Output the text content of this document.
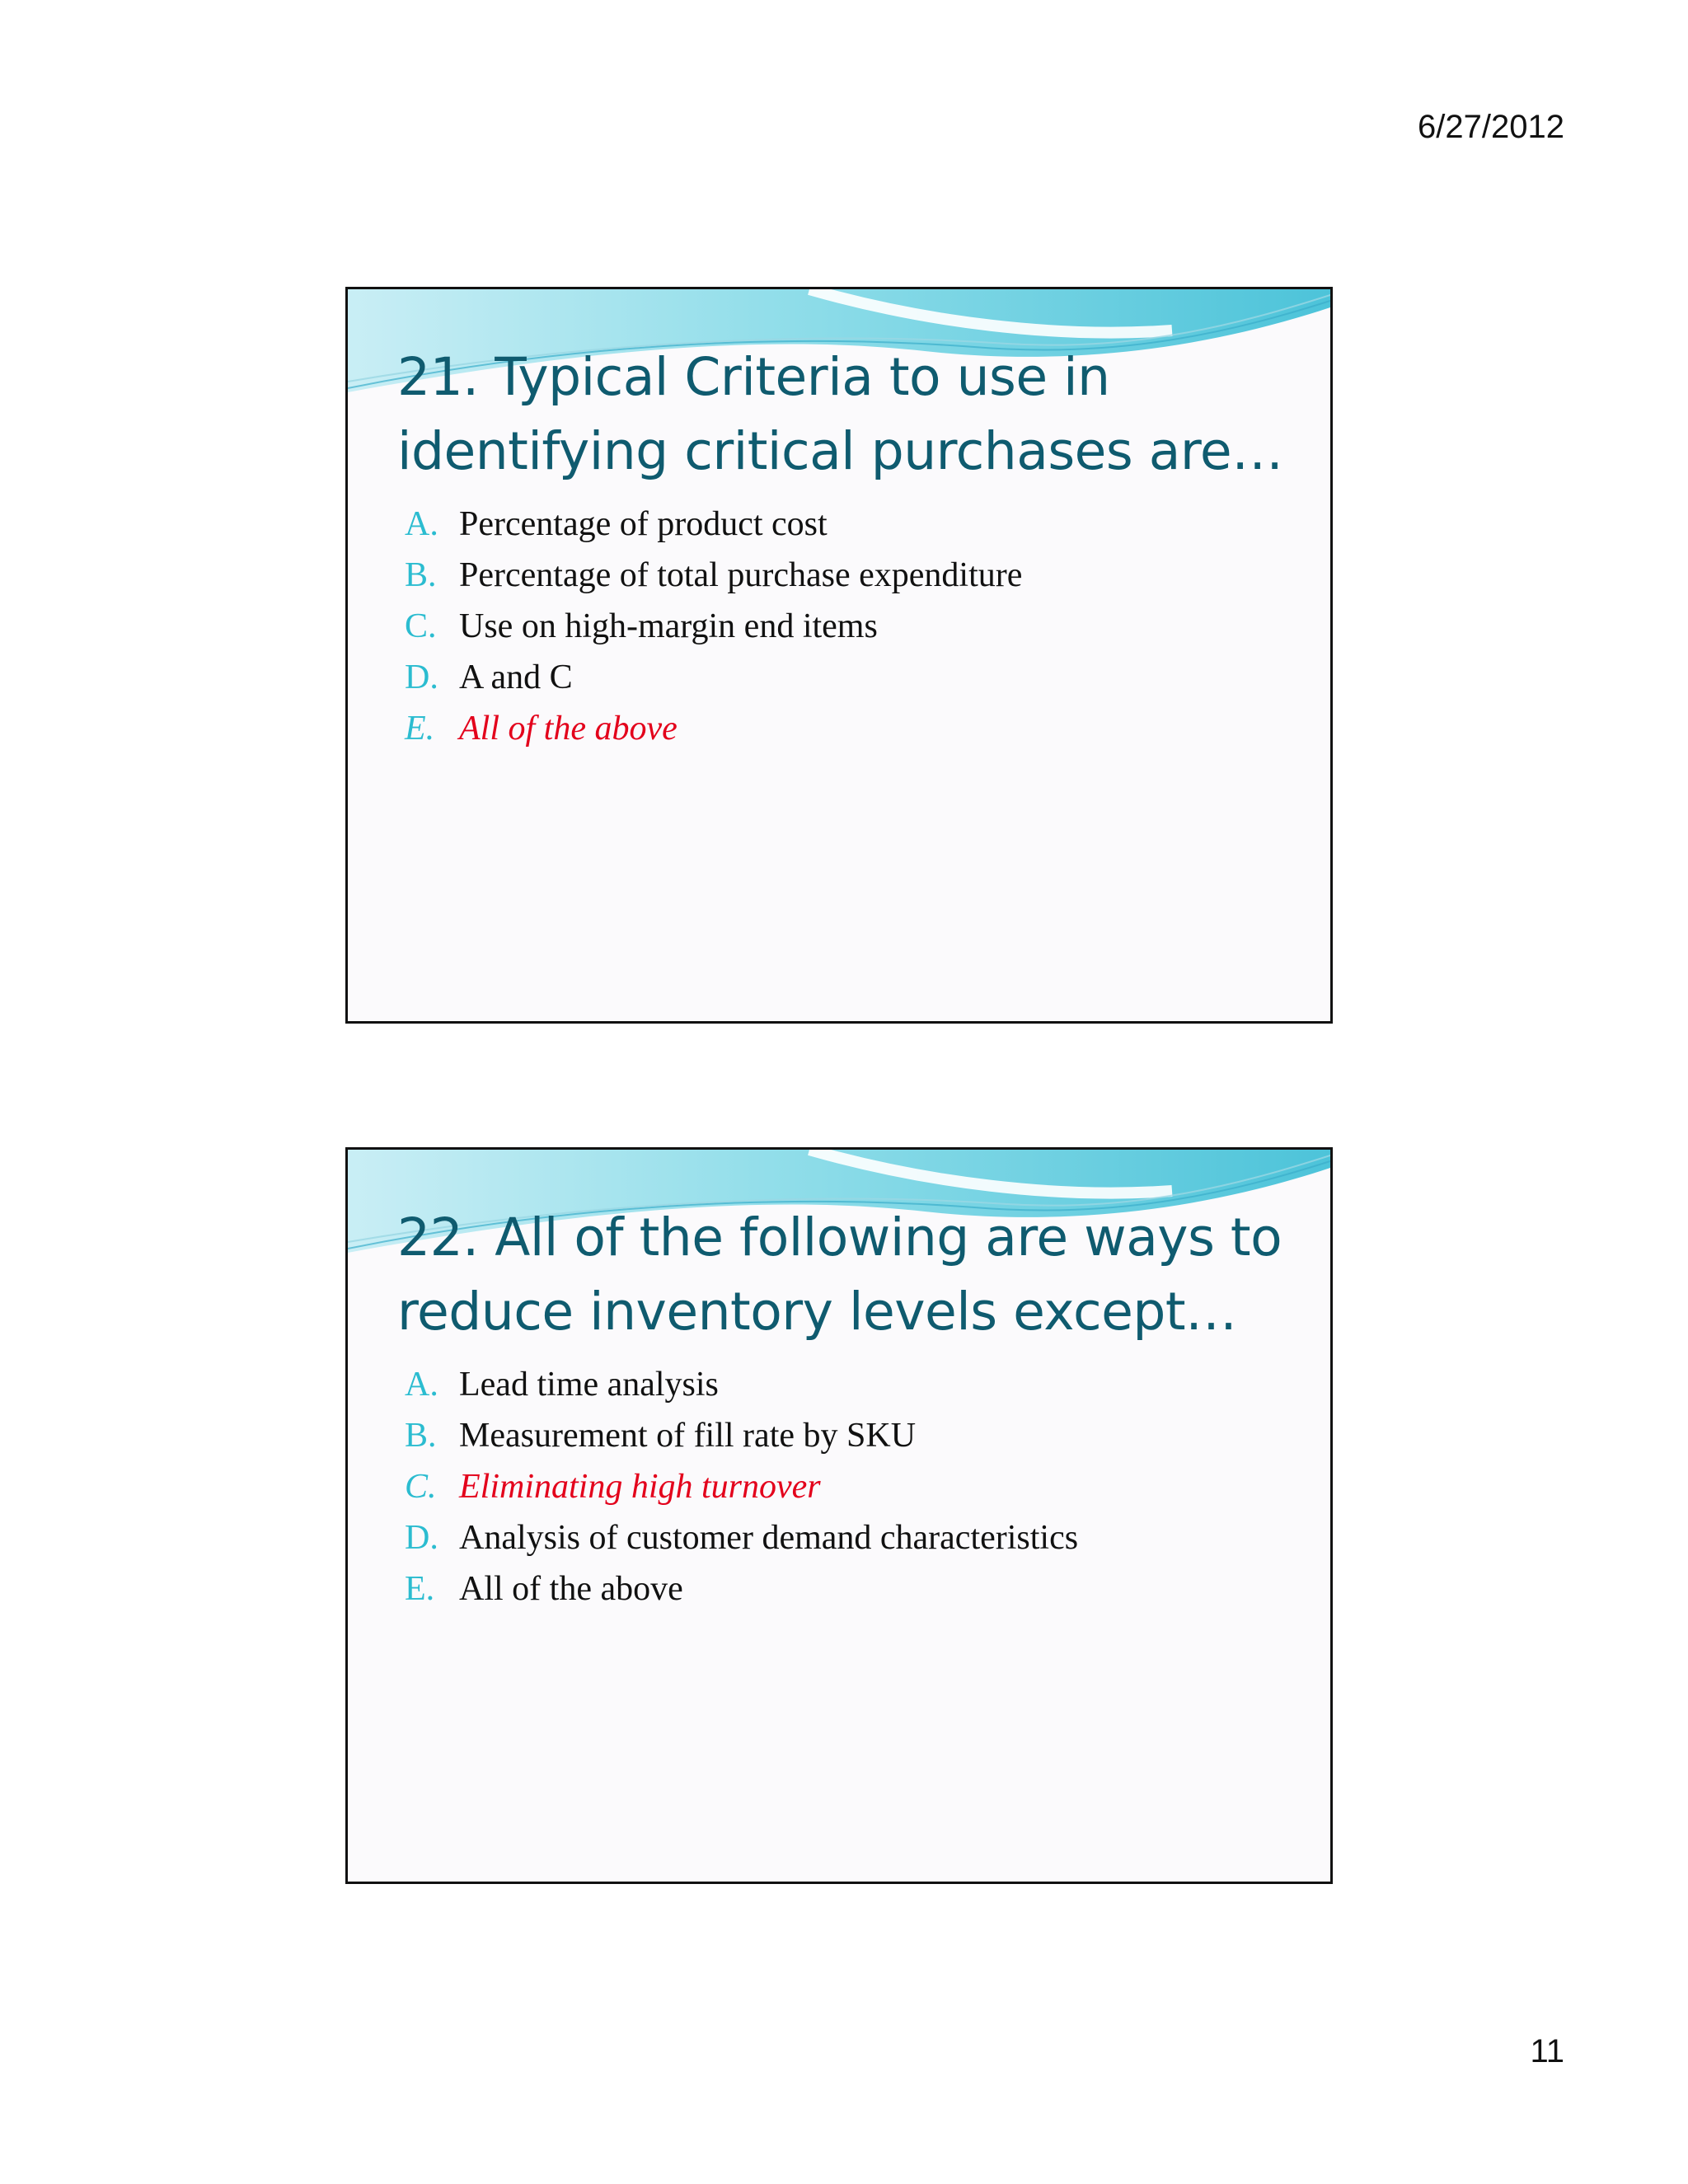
6/27/2012
21. Typical Criteria to use in identifying critical purchases are…
A. Percentage of product cost
B. Percentage of total purchase expenditure
C. Use on high-margin end items
D. A and C
E. All of the above
22. All of the following are ways to reduce inventory levels except…
A. Lead time analysis
B. Measurement of fill rate by SKU
C. Eliminating high turnover
D. Analysis of customer demand characteristics
E. All of the above
11
